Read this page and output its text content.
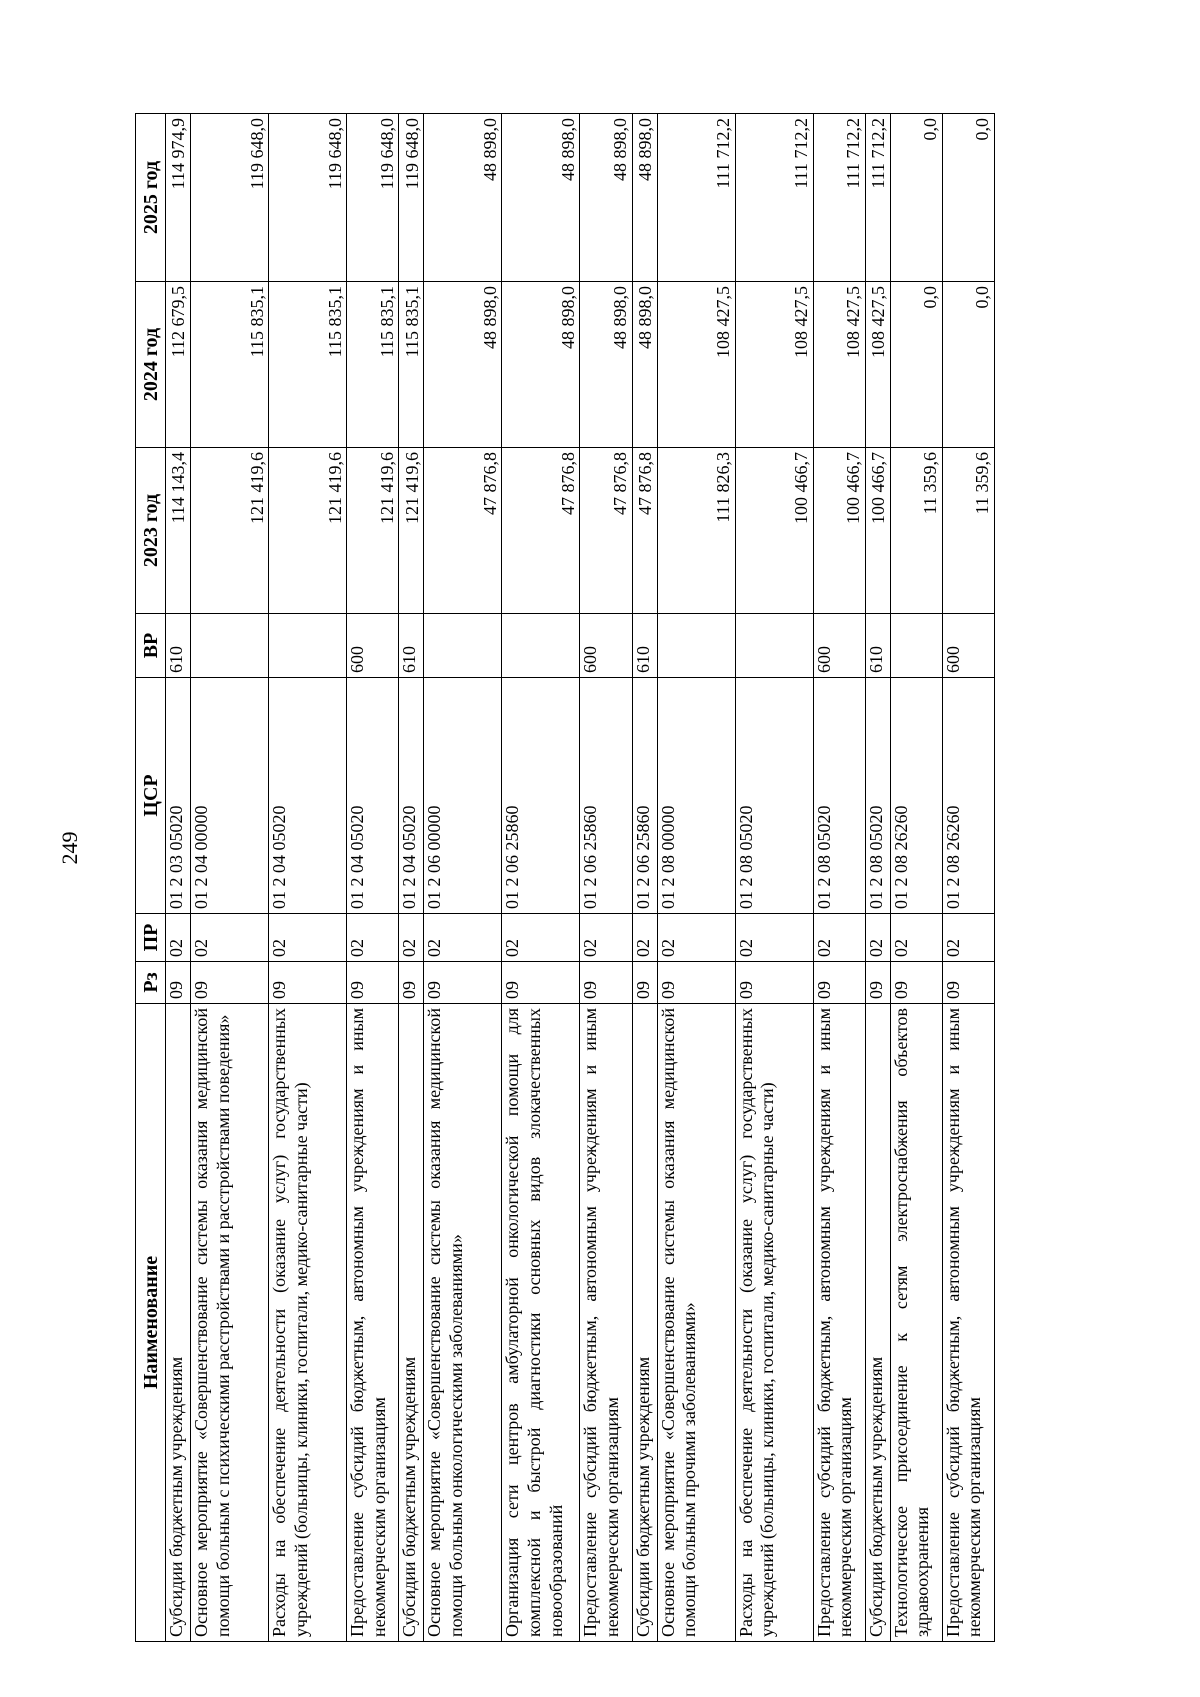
249
Наименование	Рз	ПР	ЦСР	ВР	2023 год	2024 год	2025 год
Субсидии бюджетным учреждениям	09	02	01 2 03 05020	610	114 143,4	112 679,5	114 974,9
Основное мероприятие «Совершенствование системы оказания медицинской помощи больным с психическими расстройствами и расстройствами поведения»	09	02	01 2 04 00000		121 419,6	115 835,1	119 648,0
Расходы на обеспечение деятельности (оказание услуг) государственных учреждений (больницы, клиники, госпитали, медико-санитарные части)	09	02	01 2 04 05020		121 419,6	115 835,1	119 648,0
Предоставление субсидий бюджетным, автономным учреждениям и иным некоммерческим организациям	09	02	01 2 04 05020	600	121 419,6	115 835,1	119 648,0
Субсидии бюджетным учреждениям	09	02	01 2 04 05020	610	121 419,6	115 835,1	119 648,0
Основное мероприятие «Совершенствование системы оказания медицинской помощи больным онкологическими заболеваниями»	09	02	01 2 06 00000		47 876,8	48 898,0	48 898,0
Организация сети центров амбулаторной онкологической помощи для комплексной и быстрой диагностики основных видов злокачественных новообразований	09	02	01 2 06 25860		47 876,8	48 898,0	48 898,0
Предоставление субсидий бюджетным, автономным учреждениям и иным некоммерческим организациям	09	02	01 2 06 25860	600	47 876,8	48 898,0	48 898,0
Субсидии бюджетным учреждениям	09	02	01 2 06 25860	610	47 876,8	48 898,0	48 898,0
Основное мероприятие «Совершенствование системы оказания медицинской помощи больным прочими заболеваниями»	09	02	01 2 08 00000		111 826,3	108 427,5	111 712,2
Расходы на обеспечение деятельности (оказание услуг) государственных учреждений (больницы, клиники, госпитали, медико-санитарные части)	09	02	01 2 08 05020		100 466,7	108 427,5	111 712,2
Предоставление субсидий бюджетным, автономным учреждениям и иным некоммерческим организациям	09	02	01 2 08 05020	600	100 466,7	108 427,5	111 712,2
Субсидии бюджетным учреждениям	09	02	01 2 08 05020	610	100 466,7	108 427,5	111 712,2
Технологическое присоединение к сетям электроснабжения объектов здравоохранения	09	02	01 2 08 26260		11 359,6	0,0	0,0
Предоставление субсидий бюджетным, автономным учреждениям и иным некоммерческим организациям	09	02	01 2 08 26260	600	11 359,6	0,0	0,0
